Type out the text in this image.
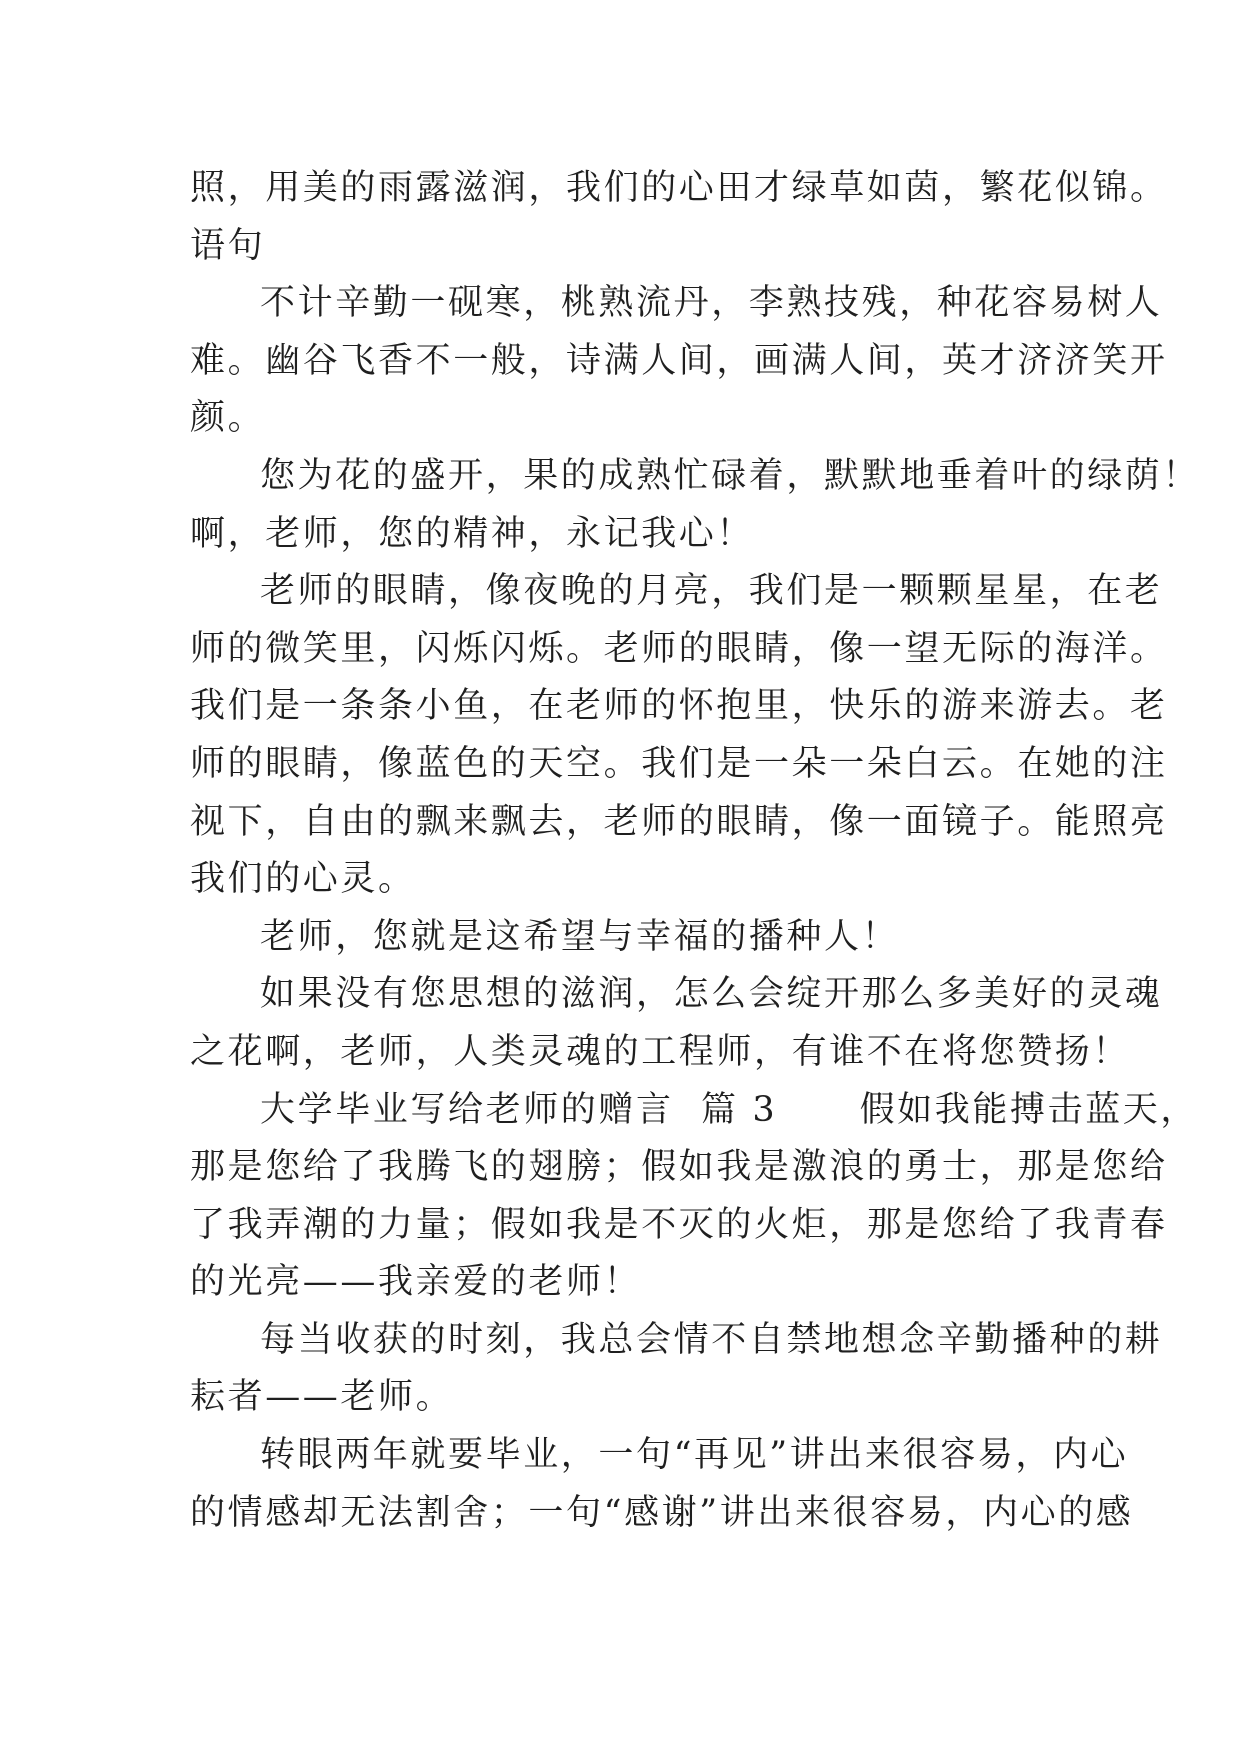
照，用美的雨露滋润，我们的心田才绿草如茵，繁花似锦。
语句
不计辛勤一砚寒，桃熟流丹，李熟技残，种花容易树人
难。幽谷飞香不一般，诗满人间，画满人间，英才济济笑开
颜。
您为花的盛开，果的成熟忙碌着，默默地垂着叶的绿荫！
啊，老师，您的精神，永记我心！
老师的眼睛，像夜晚的月亮，我们是一颗颗星星，在老
师的微笑里，闪烁闪烁。老师的眼睛，像一望无际的海洋。
我们是一条条小鱼，在老师的怀抱里，快乐的游来游去。老
师的眼睛，像蓝色的天空。我们是一朵一朵白云。在她的注
视下，自由的飘来飘去，老师的眼睛，像一面镜子。能照亮
我们的心灵。
老师，您就是这希望与幸福的播种人！
如果没有您思想的滋润，怎么会绽开那么多美好的灵魂
之花啊，老师，人类灵魂的工程师，有谁不在将您赞扬！
大学毕业写给老师的赠言  篇 3      假如我能搏击蓝天，
那是您给了我腾飞的翅膀；假如我是激浪的勇士，那是您给
了我弄潮的力量；假如我是不灭的火炬，那是您给了我青春
的光亮——我亲爱的老师！
每当收获的时刻，我总会情不自禁地想念辛勤播种的耕
耘者——老师。
转眼两年就要毕业，一句“再见”讲出来很容易，内心
的情感却无法割舍；一句“感谢”讲出来很容易，内心的感
